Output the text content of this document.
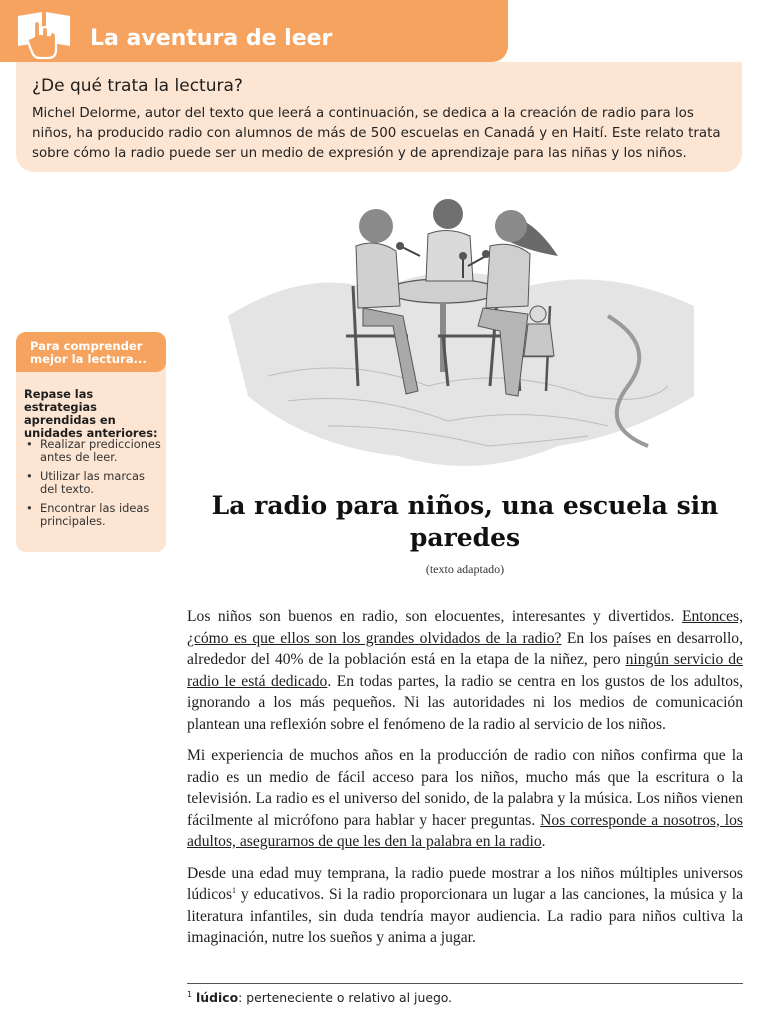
La aventura de leer
¿De qué trata la lectura?
Michel Delorme, autor del texto que leerá a continuación, se dedica a la creación de radio para los niños, ha producido radio con alumnos de más de 500 escuelas en Canadá y en Haití. Este relato trata sobre cómo la radio puede ser un medio de expresión y de aprendizaje para las niñas y los niños.
Para comprender mejor la lectura...
Repase las estrategias aprendidas en unidades anteriores:
• Realizar predicciones antes de leer.
• Utilizar las marcas del texto.
• Encontrar las ideas principales.
La radio para niños, una escuela sin paredes
(texto adaptado)

Los niños son buenos en radio, son elocuentes, interesantes y divertidos. Entonces, ¿cómo es que ellos son los grandes olvidados de la radio? En los países en desarrollo, alrededor del 40% de la población está en la etapa de la niñez, pero ningún servicio de radio le está dedicado. En todas partes, la radio se centra en los gustos de los adultos, ignorando a los más pequeños. Ni las autoridades ni los medios de comunicación plantean una reflexión sobre el fenómeno de la radio al servicio de los niños.

Mi experiencia de muchos años en la producción de radio con niños confirma que la radio es un medio de fácil acceso para los niños, mucho más que la escritura o la televisión. La radio es el universo del sonido, de la palabra y la música. Los niños vienen fácilmente al micrófono para hablar y hacer preguntas. Nos corresponde a nosotros, los adultos, asegurarnos de que les den la palabra en la radio.

Desde una edad muy temprana, la radio puede mostrar a los niños múltiples universos lúdicos$^1$ y educativos. Si la radio proporcionara un lugar a las canciones, la música y la literatura infantiles, sin duda tendría mayor audiencia. La radio para niños cultiva la imaginación, nutre los sueños y anima a jugar.

$^1$ lúdico: perteneciente o relativo al juego.
